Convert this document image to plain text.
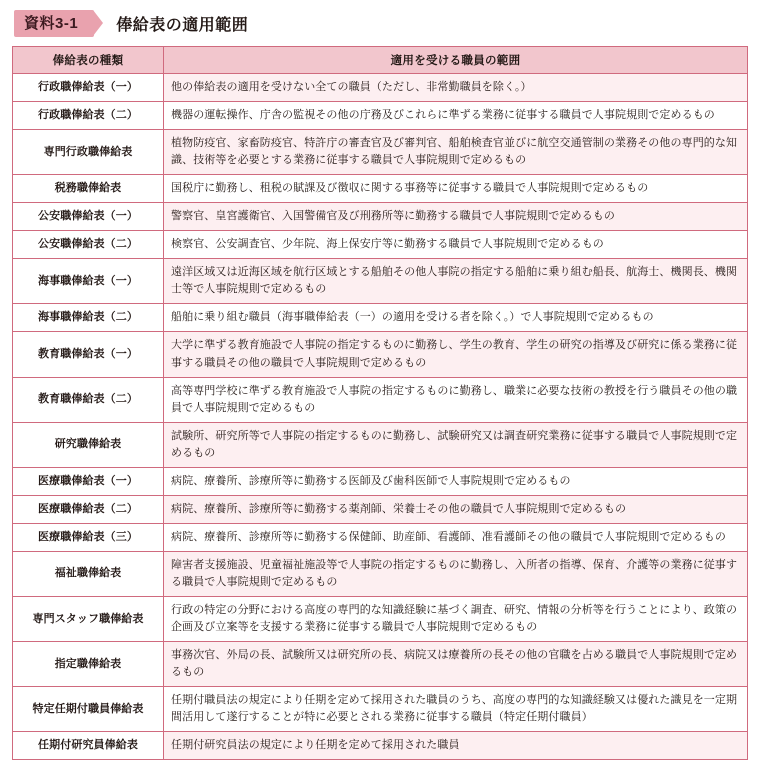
資料3-1	俸給表の適用範囲
俸給表の種類	適用を受ける職員の範囲
行政職俸給表（一）	他の俸給表の適用を受けない全ての職員（ただし、非常勤職員を除く。）
行政職俸給表（二）	機器の運転操作、庁舎の監視その他の庁務及びこれらに準ずる業務に従事する職員で人事院規則で定めるもの
専門行政職俸給表	植物防疫官、家畜防疫官、特許庁の審査官及び審判官、船舶検査官並びに航空交通管制の業務その他の専門的な知識、技術等を必要とする業務に従事する職員で人事院規則で定めるもの
税務職俸給表	国税庁に勤務し、租税の賦課及び徴収に関する事務等に従事する職員で人事院規則で定めるもの
公安職俸給表（一）	警察官、皇宮護衛官、入国警備官及び刑務所等に勤務する職員で人事院規則で定めるもの
公安職俸給表（二）	検察官、公安調査官、少年院、海上保安庁等に勤務する職員で人事院規則で定めるもの
海事職俸給表（一）	遠洋区域又は近海区域を航行区域とする船舶その他人事院の指定する船舶に乗り組む船長、航海士、機関長、機関士等で人事院規則で定めるもの
海事職俸給表（二）	船舶に乗り組む職員（海事職俸給表（一）の適用を受ける者を除く。）で人事院規則で定めるもの
教育職俸給表（一）	大学に準ずる教育施設で人事院の指定するものに勤務し、学生の教育、学生の研究の指導及び研究に係る業務に従事する職員その他の職員で人事院規則で定めるもの
教育職俸給表（二）	高等専門学校に準ずる教育施設で人事院の指定するものに勤務し、職業に必要な技術の教授を行う職員その他の職員で人事院規則で定めるもの
研究職俸給表	試験所、研究所等で人事院の指定するものに勤務し、試験研究又は調査研究業務に従事する職員で人事院規則で定めるもの
医療職俸給表（一）	病院、療養所、診療所等に勤務する医師及び歯科医師で人事院規則で定めるもの
医療職俸給表（二）	病院、療養所、診療所等に勤務する薬剤師、栄養士その他の職員で人事院規則で定めるもの
医療職俸給表（三）	病院、療養所、診療所等に勤務する保健師、助産師、看護師、准看護師その他の職員で人事院規則で定めるもの
福祉職俸給表	障害者支援施設、児童福祉施設等で人事院の指定するものに勤務し、入所者の指導、保育、介護等の業務に従事する職員で人事院規則で定めるもの
専門スタッフ職俸給表	行政の特定の分野における高度の専門的な知識経験に基づく調査、研究、情報の分析等を行うことにより、政策の企画及び立案等を支援する業務に従事する職員で人事院規則で定めるもの
指定職俸給表	事務次官、外局の長、試験所又は研究所の長、病院又は療養所の長その他の官職を占める職員で人事院規則で定めるもの
特定任期付職員俸給表	任期付職員法の規定により任期を定めて採用された職員のうち、高度の専門的な知識経験又は優れた識見を一定期間活用して遂行することが特に必要とされる業務に従事する職員（特定任期付職員）
任期付研究員俸給表	任期付研究員法の規定により任期を定めて採用された職員
